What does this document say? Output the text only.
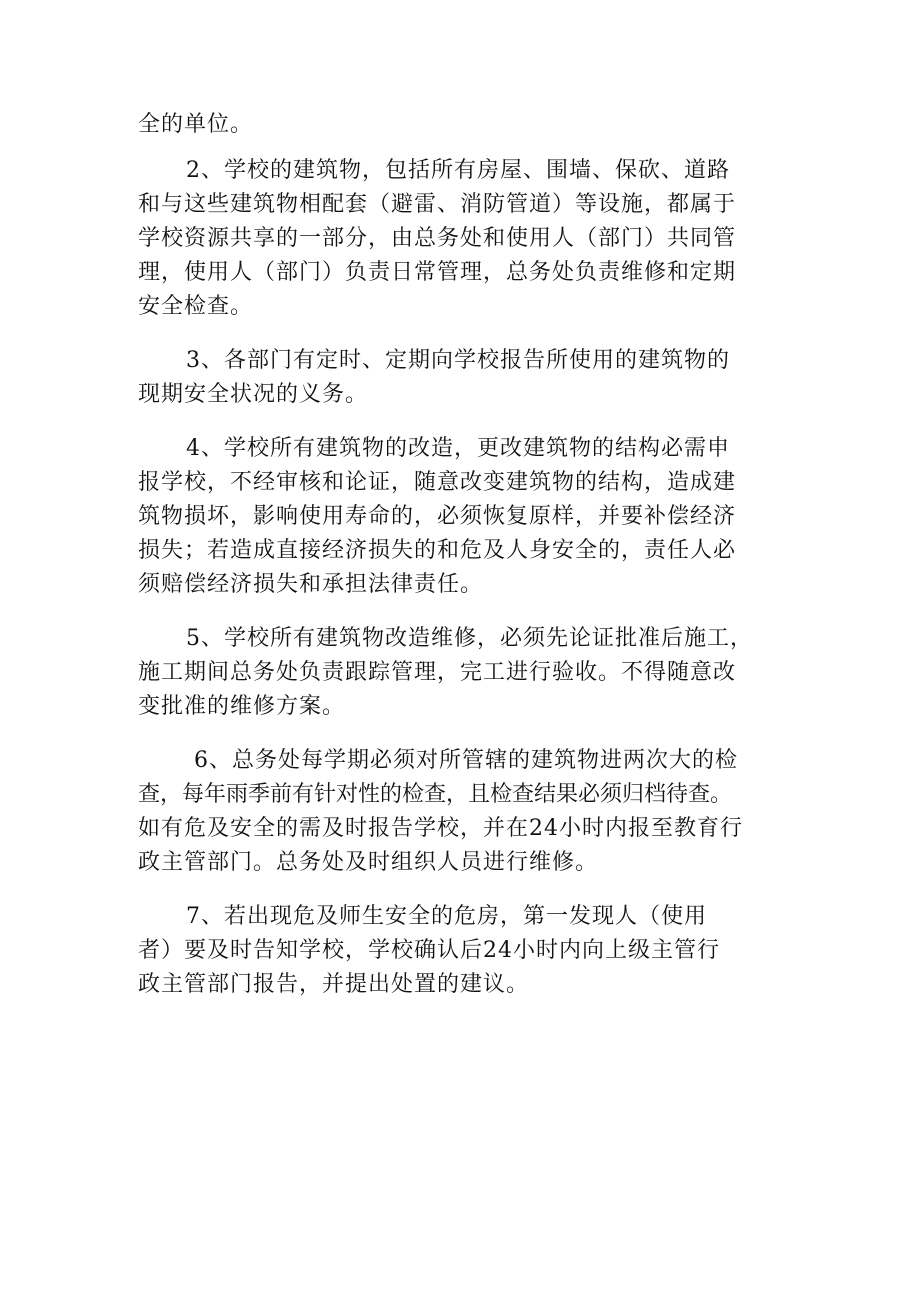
全的单位。

2、学校的建筑物，包括所有房屋、围墙、保砍、道路
和与这些建筑物相配套（避雷、消防管道）等设施，都属于
学校资源共享的一部分，由总务处和使用人（部门）共同管
理，使用人（部门）负责日常管理，总务处负责维修和定期
安全检查。

3、各部门有定时、定期向学校报告所使用的建筑物的
现期安全状况的义务。

4、学校所有建筑物的改造，更改建筑物的结构必需申
报学校，不经审核和论证，随意改变建筑物的结构，造成建
筑物损坏，影响使用寿命的，必须恢复原样，并要补偿经济
损失；若造成直接经济损失的和危及人身安全的，责任人必
须赔偿经济损失和承担法律责任。

5、学校所有建筑物改造维修，必须先论证批准后施工，
施工期间总务处负责跟踪管理，完工进行验收。不得随意改
变批准的维修方案。

6、总务处每学期必须对所管辖的建筑物进两次大的检
查，每年雨季前有针对性的检查，且检查结果必须归档待查。
如有危及安全的需及时报告学校，并在24小时内报至教育行
政主管部门。总务处及时组织人员进行维修。

7、若出现危及师生安全的危房，第一发现人（使用
者）要及时告知学校，学校确认后24小时内向上级主管行
政主管部门报告，并提出处置的建议。
